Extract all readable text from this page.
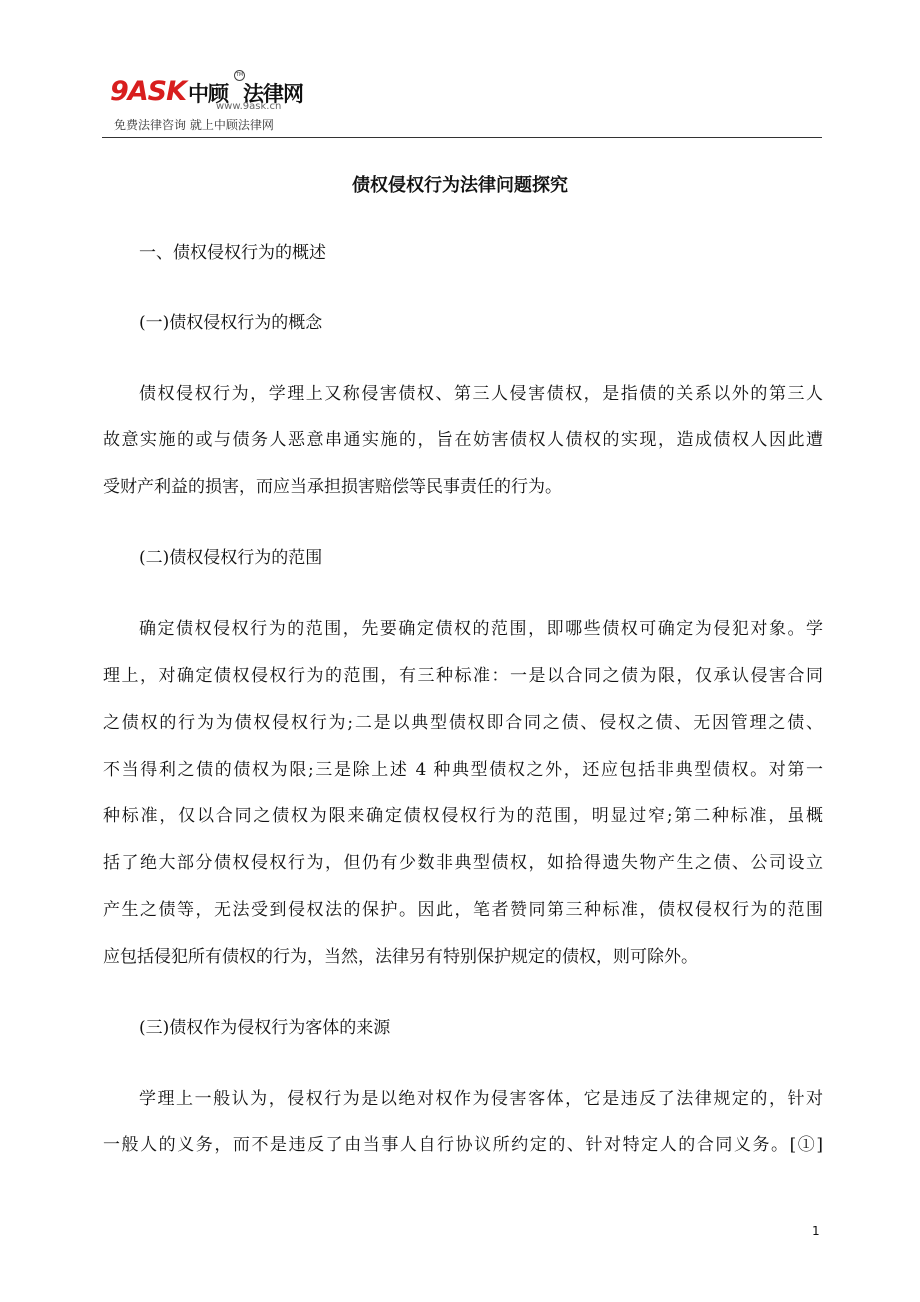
9ASK 中顾
TM
法律网
www.9ask.cn
免费法律咨询 就上中顾法律网
债权侵权行为法律问题探究
一、债权侵权行为的概述
(一)债权侵权行为的概念
债权侵权行为，学理上又称侵害债权、第三人侵害债权，是指债的关系以外的第三人
故意实施的或与债务人恶意串通实施的，旨在妨害债权人债权的实现，造成债权人因此遭
受财产利益的损害，而应当承担损害赔偿等民事责任的行为。
(二)债权侵权行为的范围
确定债权侵权行为的范围，先要确定债权的范围，即哪些债权可确定为侵犯对象。学
理上，对确定债权侵权行为的范围，有三种标准：一是以合同之债为限，仅承认侵害合同
之债权的行为为债权侵权行为;二是以典型债权即合同之债、侵权之债、无因管理之债、
不当得利之债的债权为限;三是除上述 4 种典型债权之外，还应包括非典型债权。对第一
种标准，仅以合同之债权为限来确定债权侵权行为的范围，明显过窄;第二种标准，虽概
括了绝大部分债权侵权行为，但仍有少数非典型债权，如拾得遗失物产生之债、公司设立
产生之债等，无法受到侵权法的保护。因此，笔者赞同第三种标准，债权侵权行为的范围
应包括侵犯所有债权的行为，当然，法律另有特别保护规定的债权，则可除外。
(三)债权作为侵权行为客体的来源
学理上一般认为，侵权行为是以绝对权作为侵害客体，它是违反了法律规定的，针对
一般人的义务，而不是违反了由当事人自行协议所约定的、针对特定人的合同义务。[①]
1
